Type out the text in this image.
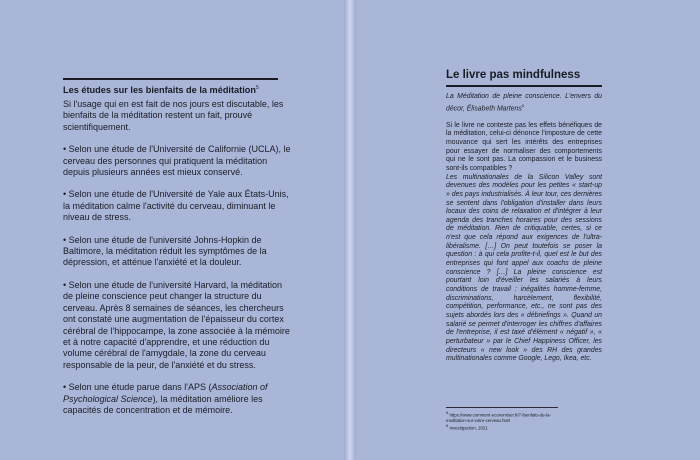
Les études sur les bienfaits de la méditation$^5$

Si l'usage qui en est fait de nos jours est discutable, les bienfaits de la méditation restent un fait, prouvé scientifiquement.

• Selon une étude de l'Université de Californie (UCLA), le cerveau des personnes qui pratiquent la méditation depuis plusieurs années est mieux conservé.

• Selon une étude de l'Université de Yale aux États-Unis, la méditation calme l'activité du cerveau, diminuant le niveau de stress.

• Selon une étude de l'université Johns-Hopkin de Baltimore, la méditation réduit les symptômes de la dépression, et atténue l'anxiété et la douleur.

• Selon une étude de l'université Harvard, la méditation de pleine conscience peut changer la structure du cerveau. Après 8 semaines de séances, les chercheurs ont constaté une augmentation de l'épaisseur du cortex cérébral de l'hippocampe, la zone associée à la mémoire et à notre capacité d'apprendre, et une réduction du volume cérébral de l'amygdale, la zone du cerveau responsable de la peur, de l'anxiété et du stress.

• Selon une étude parue dans l'APS (Association of Psychological Science), la méditation améliore les capacités de concentration et de mémoire.

Le livre pas mindfulness

La Méditation de pleine conscience. L'envers du décor, Élisabeth Martens$^6$

Si le livre ne conteste pas les effets bénéfiques de la méditation, celui-ci dénonce l'imposture de cette mouvance qui sert les intérêts des entreprises pour essayer de normaliser des comportements qui ne le sont pas. La compassion et le business sont-ils compatibles ?

Les multinationales de la Silicon Valley sont devenues des modèles pour les petites « start-up » des pays industrialisés. À leur tour, ces dernières se sentent dans l'obligation d'installer dans leurs locaux des coins de relaxation et d'intégrer à leur agenda des tranches horaires pour des sessions de méditation. Rien de critiquable, certes, si ce n'est que cela répond aux exigences de l'ultra-libéralisme. […] On peut toutefois se poser la question : à qui cela profite-t-il, quel est le but des entreprises qui font appel aux coachs de pleine conscience ? […] La pleine conscience est pourtant loin d'éveiller les salariés à leurs conditions de travail : inégalités homme-femme, discriminations, harcèlement, flexibilité, compétition, performance, etc., ne sont pas des sujets abordés lors des « débriefings ». Quand un salarié se permet d'interroger les chiffres d'affaires de l'entreprise, il est taxé d'élément « négatif », « perturbateur » par le Chief Happiness Officer, les directeurs « new look » des RH des grandes multinationales comme Google, Lego, Ikea, etc.

$^5$ https://www.comment-economiser.fr/7-bienfaits-de-la-meditation-sur-votre-cerveau.html

$^6$ Investigaction, 2021
